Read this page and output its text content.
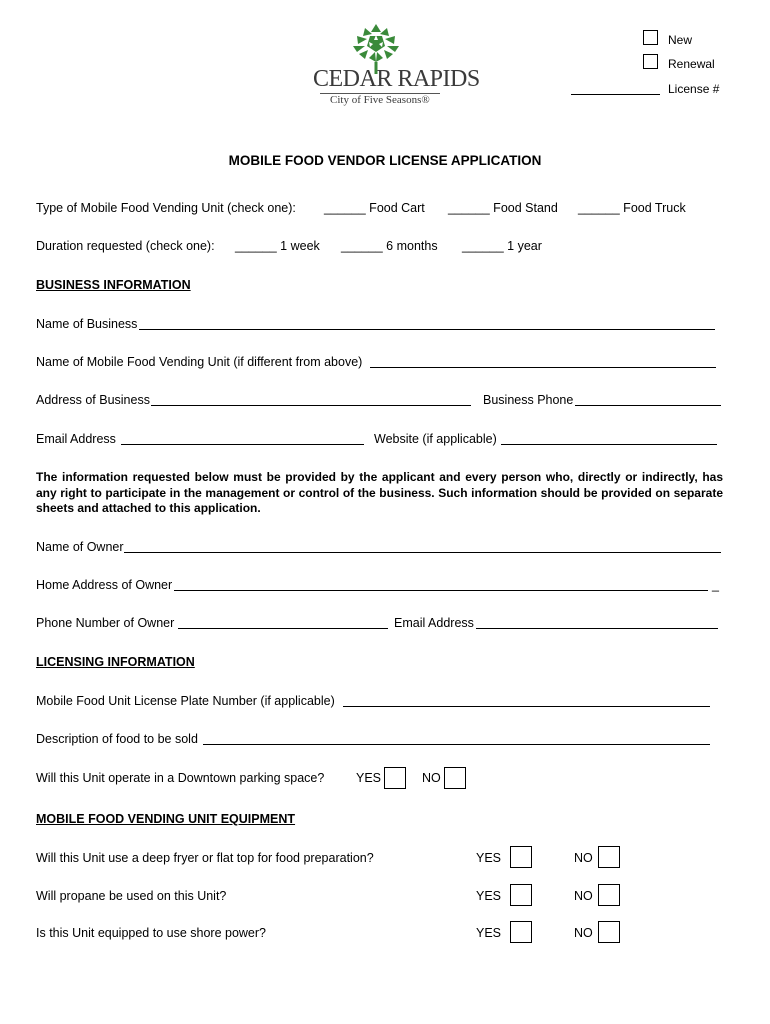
CEDAR RAPIDS
City of Five Seasons®
New
Renewal
License #
MOBILE FOOD VENDOR LICENSE APPLICATION
Type of Mobile Food Vending Unit (check one): ______ Food Cart ______ Food Stand ______ Food Truck
Duration requested (check one): ______ 1 week ______ 6 months ______ 1 year
BUSINESS INFORMATION
Name of Business
Name of Mobile Food Vending Unit (if different from above)
Address of Business	Business Phone
Email Address	Website (if applicable)
The information requested below must be provided by the applicant and every person who, directly or indirectly, has any right to participate in the management or control of the business. Such information should be provided on separate sheets and attached to this application.
Name of Owner
Home Address of Owner	_
Phone Number of Owner	Email Address
LICENSING INFORMATION
Mobile Food Unit License Plate Number (if applicable)
Description of food to be sold
Will this Unit operate in a Downtown parking space?	YES	NO
MOBILE FOOD VENDING UNIT EQUIPMENT
Will this Unit use a deep fryer or flat top for food preparation?	YES	NO
Will propane be used on this Unit?	YES	NO
Is this Unit equipped to use shore power?	YES	NO
